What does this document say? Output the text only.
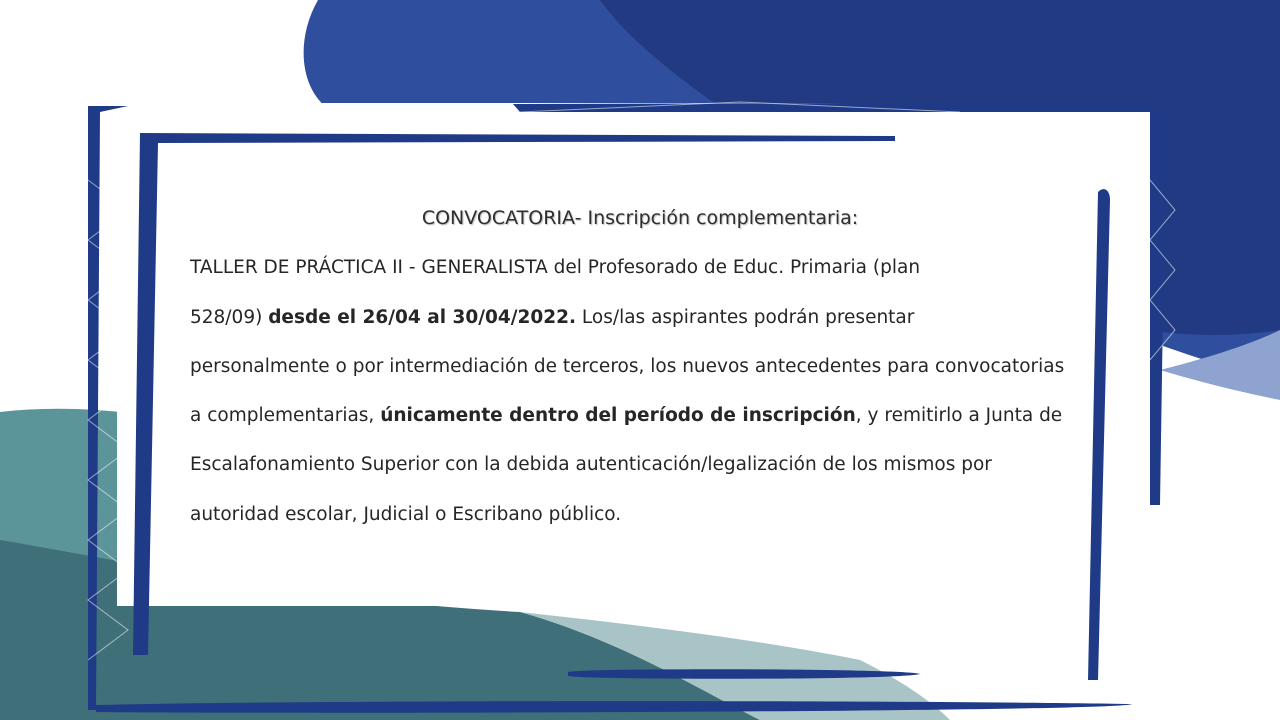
CONVOCATORIA- Inscripción complementaria:
TALLER DE PRÁCTICA II - GENERALISTA del Profesorado de Educ. Primaria (plan
528/09) desde el 26/04 al 30/04/2022. Los/las aspirantes podrán presentar
personalmente o por intermediación de terceros, los nuevos antecedentes para convocatorias
a complementarias, únicamente dentro del período de inscripción, y remitirlo a Junta de
Escalafonamiento Superior con la debida autenticación/legalización de los mismos por
autoridad escolar, Judicial o Escribano público.
